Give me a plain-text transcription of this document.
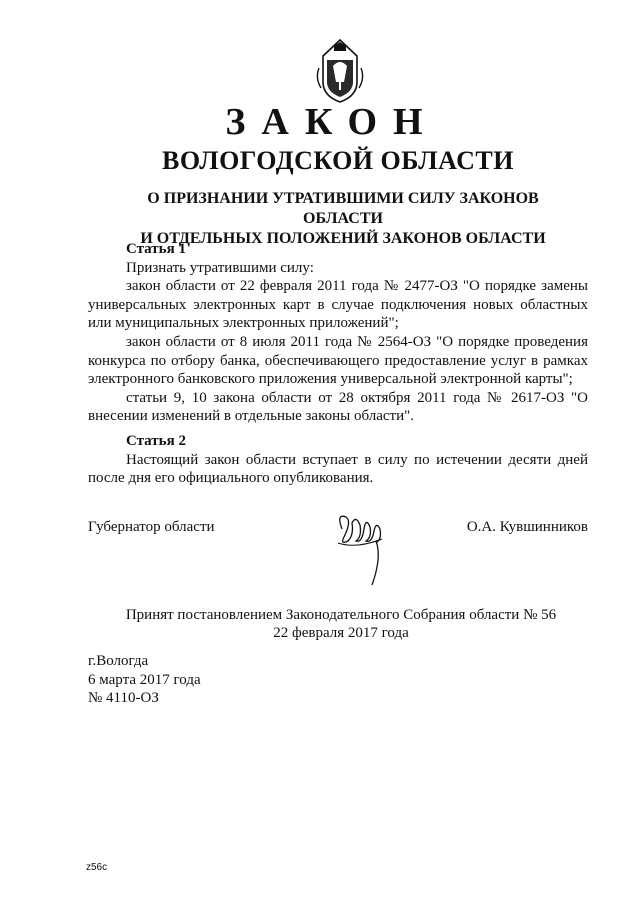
ЗАКОН
ВОЛОГОДСКОЙ ОБЛАСТИ
О ПРИЗНАНИИ УТРАТИВШИМИ СИЛУ ЗАКОНОВ ОБЛАСТИ
И ОТДЕЛЬНЫХ ПОЛОЖЕНИЙ ЗАКОНОВ ОБЛАСТИ
Статья 1

Признать утратившими силу:

закон области от 22 февраля 2011 года № 2477-ОЗ "О порядке замены универсальных электронных карт в случае подключения новых областных или муниципальных электронных приложений";

закон области от 8 июля 2011 года № 2564-ОЗ "О порядке проведения конкурса по отбору банка, обеспечивающего предоставление услуг в рамках электронного банковского приложения универсальной электронной карты";

статьи 9, 10 закона области от 28 октября 2011 года № 2617-ОЗ "О внесении изменений в отдельные законы области".

Статья 2

Настоящий закон области вступает в силу по истечении десяти дней после дня его официального опубликования.

Губернатор области	О.А. Кувшинников
Принят постановлением Законодательного Собрания области № 56
22 февраля 2017 года
г.Вологда
6 марта 2017 года
№ 4110-ОЗ
z56c
